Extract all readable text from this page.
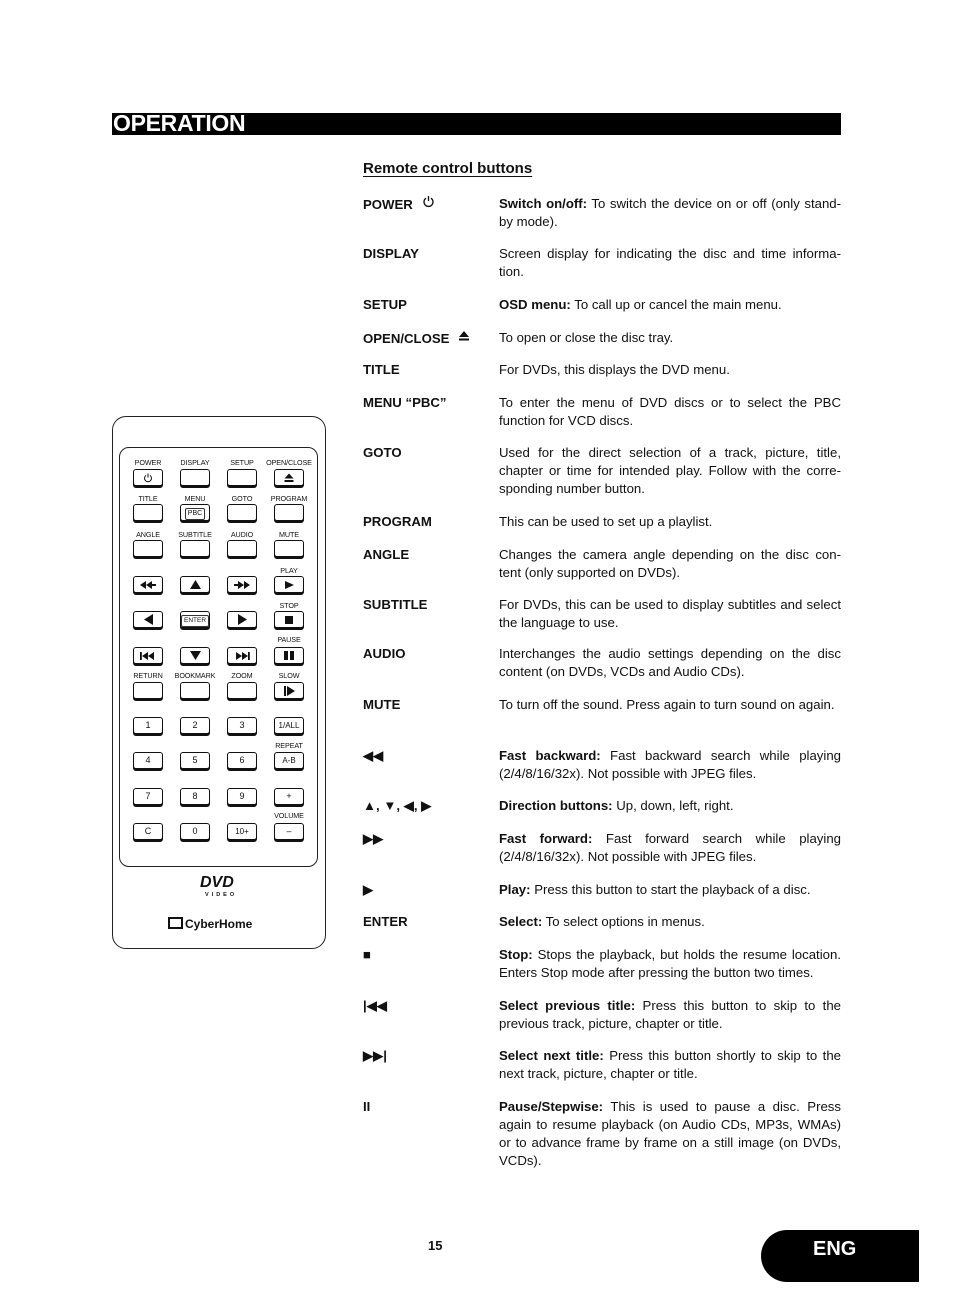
OPERATION
Remote control buttons
POWER	Switch on/off: To switch the device on or off (only stand-by mode).
DISPLAY	Screen display for indicating the disc and time informa-tion.
SETUP	OSD menu: To call up or cancel the main menu.
OPEN/CLOSE	To open or close the disc tray.
TITLE	For DVDs, this displays the DVD menu.
MENU “PBC”	To enter the menu of DVD discs or to select the PBC function for VCD discs.
GOTO	Used for the direct selection of a track, picture, title, chapter or time for intended play. Follow with the corre-sponding number button.
PROGRAM	This can be used to set up a playlist.
ANGLE	Changes the camera angle depending on the disc con-tent (only supported on DVDs).
SUBTITLE	For DVDs, this can be used to display subtitles and select the language to use.
AUDIO	Interchanges the audio settings depending on the disc content (on DVDs, VCDs and Audio CDs).
MUTE	To turn off the sound. Press again to turn sound on again.
◀◀	Fast backward: Fast backward search while playing (2/4/8/16/32x). Not possible with JPEG files.
▲, ▼, ◀, ▶	Direction buttons: Up, down, left, right.
▶▶	Fast forward: Fast forward search while playing (2/4/8/16/32x). Not possible with JPEG files.
▶	Play: Press this button to start the playback of a disc.
ENTER	Select: To select options in menus.
■	Stop: Stops the playback, but holds the resume location. Enters Stop mode after pressing the button two times.
|◀◀	Select previous title: Press this button to skip to the previous track, picture, chapter or title.
▶▶|	Select next title: Press this button shortly to skip to the next track, picture, chapter or title.
II	Pause/Stepwise: This is used to pause a disc. Press again to resume playback (on Audio CDs, MP3s, WMAs) or to advance frame by frame on a still image (on DVDs, VCDs).
POWER	DISPLAY	SETUP	OPEN/CLOSE
TITLE	MENU	GOTO	PROGRAM
PBC
ANGLE	SUBTITLE	AUDIO	MUTE
PLAY
STOP
ENTER
PAUSE
RETURN	BOOKMARK	ZOOM	SLOW
1	2	3	1/ALL
4	5	6	A-B
7	8	9	+
C	0	10+	–
REPEAT
VOLUME
DVD
VIDEO
CyberHome
15	ENG
